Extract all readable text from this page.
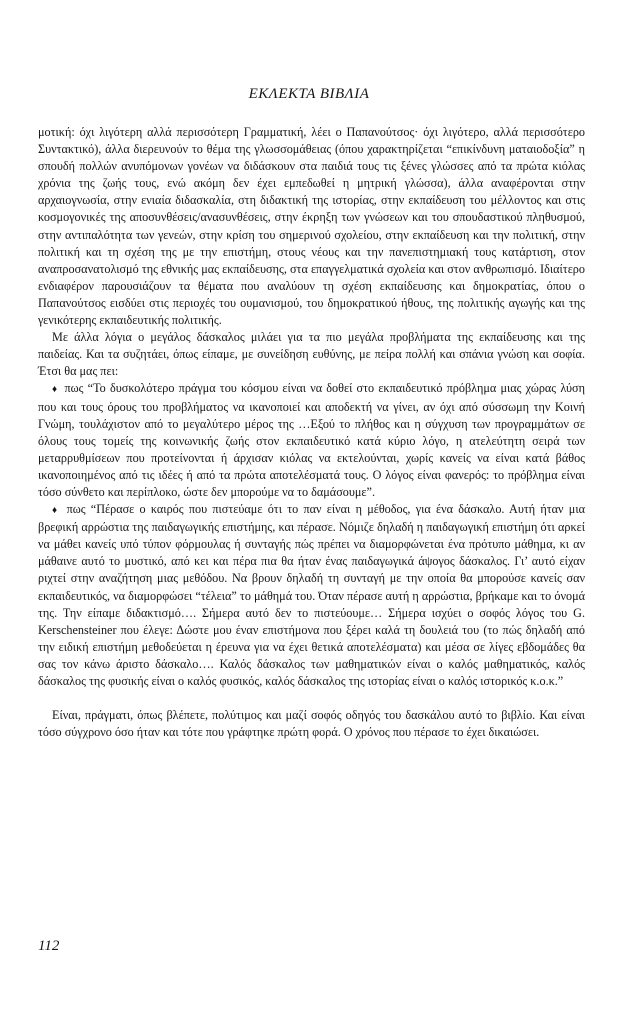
ΕΚΛΕΚΤΑ ΒΙΒΛΙΑ

μοτική: όχι λιγότερη αλλά περισσότερη Γραμματική, λέει ο Παπανούτσος· όχι λιγότερο, αλλά περισσότερο Συντακτικό), άλλα διερευνούν το θέμα της γλωσσομάθειας (όπου χαρακτηρίζεται “επικίνδυνη ματαιοδοξία” η σπουδή πολλών ανυπόμονων γονέων να διδάσκουν στα παιδιά τους τις ξένες γλώσσες από τα πρώτα κιόλας χρόνια της ζωής τους, ενώ ακόμη δεν έχει εμπεδωθεί η μητρική γλώσσα), άλλα αναφέρονται στην αρχαιογνωσία, στην ενιαία διδασκαλία, στη διδακτική της ιστορίας, στην εκπαίδευση του μέλλοντος και στις κοσμογονικές της αποσυνθέσεις/ανασυνθέσεις, στην έκρηξη των γνώσεων και του σπουδαστικού πληθυσμού, στην αντιπαλότητα των γενεών, στην κρίση του σημερινού σχολείου, στην εκπαίδευση και την πολιτική, στην πολιτική και τη σχέση της με την επιστήμη, στους νέους και την πανεπιστημιακή τους κατάρτιση, στον αναπροσανατολισμό της εθνικής μας εκπαίδευσης, στα επαγγελματικά σχολεία και στον ανθρωπισμό. Ιδιαίτερο ενδιαφέρον παρουσιάζουν τα θέματα που αναλύουν τη σχέση εκπαίδευσης και δημοκρατίας, όπου ο Παπανούτσος εισδύει στις περιοχές του ουμανισμού, του δημοκρατικού ήθους, της πολιτικής αγωγής και της γενικότερης εκπαιδευτικής πολιτικής.

Με άλλα λόγια ο μεγάλος δάσκαλος μιλάει για τα πιο μεγάλα προβλήματα της εκπαίδευσης και της παιδείας. Και τα συζητάει, όπως είπαμε, με συνείδηση ευθύνης, με πείρα πολλή και σπάνια γνώση και σοφία. Έτσι θα μας πει:

♦ πως “Το δυσκολότερο πράγμα του κόσμου είναι να δοθεί στο εκπαιδευτικό πρόβλημα μιας χώρας λύση που και τους όρους του προβλήματος να ικανοποιεί και αποδεκτή να γίνει, αν όχι από σύσσωμη την Κοινή Γνώμη, τουλάχιστον από το μεγαλύτερο μέρος της …Εξού το πλήθος και η σύγχυση των προγραμμάτων σε όλους τους τομείς της κοινωνικής ζωής στον εκπαιδευτικό κατά κύριο λόγο, η ατελεύτητη σειρά των μεταρρυθμίσεων που προτείνονται ή άρχισαν κιόλας να εκτελούνται, χωρίς κανείς να είναι κατά βάθος ικανοποιημένος από τις ιδέες ή από τα πρώτα αποτελέσματά τους. Ο λόγος είναι φανερός: το πρόβλημα είναι τόσο σύνθετο και περίπλοκο, ώστε δεν μπορούμε να το δαμάσουμε”.

♦ πως “Πέρασε ο καιρός που πιστεύαμε ότι το παν είναι η μέθοδος, για ένα δάσκαλο. Αυτή ήταν μια βρεφική αρρώστια της παιδαγωγικής επιστήμης, και πέρασε. Νόμιζε δηλαδή η παιδαγωγική επιστήμη ότι αρκεί να μάθει κανείς υπό τύπον φόρμουλας ή συνταγής πώς πρέπει να διαμορφώνεται ένα πρότυπο μάθημα, κι αν μάθαινε αυτό το μυστικό, από κει και πέρα πια θα ήταν ένας παιδαγωγικά άψογος δάσκαλος. Γι’ αυτό είχαν ριχτεί στην αναζήτηση μιας μεθόδου. Να βρουν δηλαδή τη συνταγή με την οποία θα μπορούσε κανείς σαν εκπαιδευτικός, να διαμορφώσει “τέλεια” το μάθημά του. Όταν πέρασε αυτή η αρρώστια, βρήκαμε και το όνομά της. Την είπαμε διδακτισμό…. Σήμερα αυτό δεν το πιστεύουμε… Σήμερα ισχύει ο σοφός λόγος του G. Kerschensteiner που έλεγε: Δώστε μου έναν επιστήμονα που ξέρει καλά τη δουλειά του (το πώς δηλαδή από την ειδική επιστήμη μεθοδεύεται η έρευνα για να έχει θετικά αποτελέσματα) και μέσα σε λίγες εβδομάδες θα σας τον κάνω άριστο δάσκαλο…. Καλός δάσκαλος των μαθηματικών είναι ο καλός μαθηματικός, καλός δάσκαλος της φυσικής είναι ο καλός φυσικός, καλός δάσκαλος της ιστορίας είναι ο καλός ιστορικός κ.ο.κ.”

Είναι, πράγματι, όπως βλέπετε, πολύτιμος και μαζί σοφός οδηγός του δασκάλου αυτό το βιβλίο. Και είναι τόσο σύγχρονο όσο ήταν και τότε που γράφτηκε πρώτη φορά. Ο χρόνος που πέρασε το έχει δικαιώσει.

112
